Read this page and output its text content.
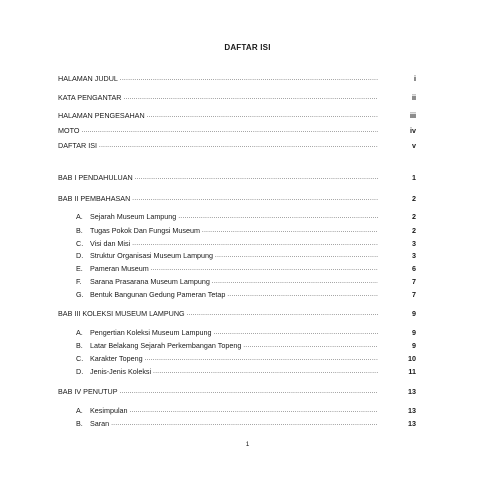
DAFTAR ISI
HALAMAN JUDUL .....	i
KATA PENGANTAR .....	ii
HALAMAN PENGESAHAN .....	iii
MOTO .....	iv
DAFTAR ISI .....	v
BAB I PENDAHULUAN .....	1
BAB II PEMBAHASAN .....	2
A.	Sejarah Museum Lampung .....	2
B.	Tugas Pokok Dan Fungsi Museum .....	2
C. Visi dan Misi .....	3
D. Struktur Organisasi Museum Lampung .....	3
E.	Pameran Museum .....	6
F.	Sarana Prasarana Museum Lampung .....	7
G. Bentuk Bangunan Gedung Pameran Tetap .....	7
BAB III KOLEKSI MUSEUM LAMPUNG .....	9
A.	Pengertian Koleksi Museum Lampung .....	9
B.	Latar Belakang Sejarah Perkembangan Topeng .....	9
C. Karakter Topeng .....	10
D. Jenis-Jenis Koleksi .....	11
BAB IV PENUTUP .....	13
A.	Kesimpulan .....	13
B.	Saran .....	13
1
